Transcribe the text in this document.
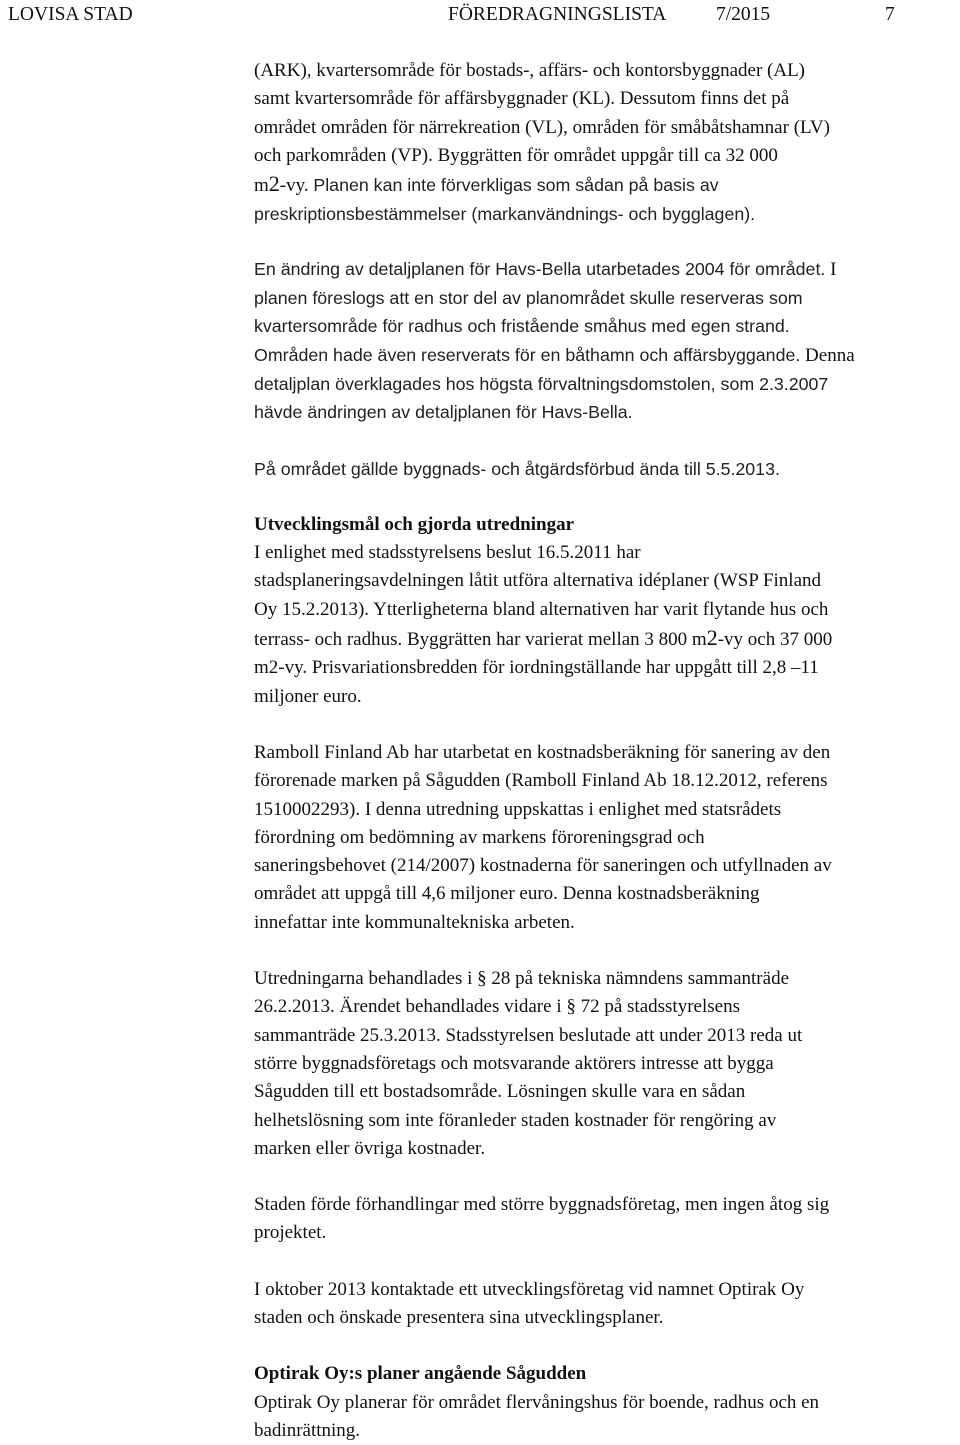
LOVISA STAD	FÖREDRAGNINGSLISTA	7/2015	7

(ARK), kvartersområde för bostads-, affärs- och kontorsbyggnader (AL)
samt kvartersområde för affärsbyggnader (KL). Dessutom finns det på
området områden för närrekreation (VL), områden för småbåtshamnar (LV)
och parkområden (VP). Byggrätten för området uppgår till ca 32 000
m2-vy. Planen kan inte förverkligas som sådan på basis av
preskriptionsbestämmelser (markanvändnings- och bygglagen).

En ändring av detaljplanen för Havs-Bella utarbetades 2004 för området. I
planen föreslogs att en stor del av planområdet skulle reserveras som
kvartersområde för radhus och fristående småhus med egen strand.
Områden hade även reserverats för en båthamn och affärsbyggande. Denna
detaljplan överklagades hos högsta förvaltningsdomstolen, som 2.3.2007
hävde ändringen av detaljplanen för Havs-Bella.

På området gällde byggnads- och åtgärdsförbud ända till 5.5.2013.

Utvecklingsmål och gjorda utredningar
I enlighet med stadsstyrelsens beslut 16.5.2011 har
stadsplaneringsavdelningen låtit utföra alternativa idéplaner (WSP Finland
Oy 15.2.2013). Ytterligheterna bland alternativen har varit flytande hus och
terrass- och radhus. Byggrätten har varierat mellan 3 800 m2-vy och 37 000
m2-vy. Prisvariationsbredden för iordningställande har uppgått till 2,8 –11
miljoner euro.

Ramboll Finland Ab har utarbetat en kostnadsberäkning för sanering av den
förorenade marken på Sågudden (Ramboll Finland Ab 18.12.2012, referens
1510002293). I denna utredning uppskattas i enlighet med statsrådets
förordning om bedömning av markens föroreningsgrad och
saneringsbehovet (214/2007) kostnaderna för saneringen och utfyllnaden av
området att uppgå till 4,6 miljoner euro. Denna kostnadsberäkning
innefattar inte kommunaltekniska arbeten.

Utredningarna behandlades i § 28 på tekniska nämndens sammanträde
26.2.2013. Ärendet behandlades vidare i § 72 på stadsstyrelsens
sammanträde 25.3.2013. Stadsstyrelsen beslutade att under 2013 reda ut
större byggnadsföretags och motsvarande aktörers intresse att bygga
Sågudden till ett bostadsområde. Lösningen skulle vara en sådan
helhetslösning som inte föranleder staden kostnader för rengöring av
marken eller övriga kostnader.

Staden förde förhandlingar med större byggnadsföretag, men ingen åtog sig
projektet.

I oktober 2013 kontaktade ett utvecklingsföretag vid namnet Optirak Oy
staden och önskade presentera sina utvecklingsplaner.

Optirak Oy:s planer angående Sågudden
Optirak Oy planerar för området flervåningshus för boende, radhus och en
badinrättning.
